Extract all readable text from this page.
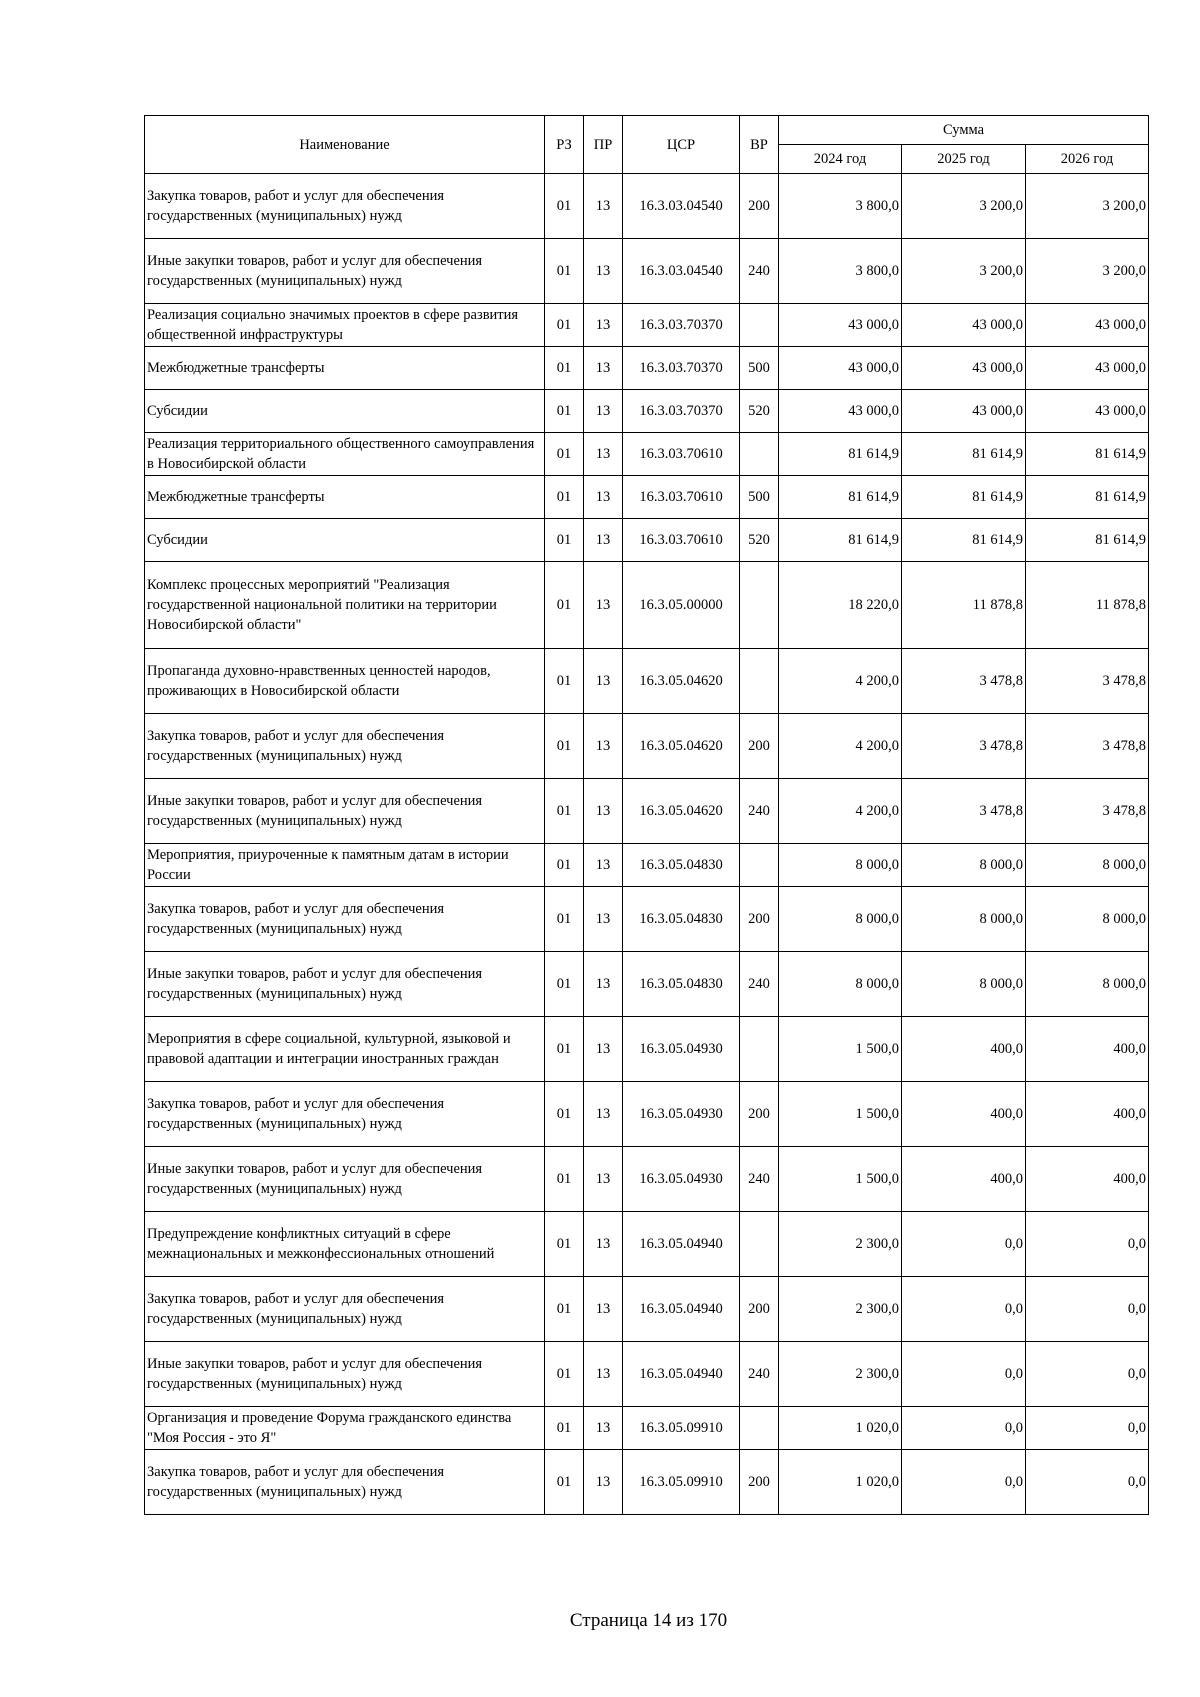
Наименование	РЗ	ПР	ЦСР	ВР	Сумма		
					2024 год	2025 год	2026 год
Закупка товаров, работ и услуг для обеспечения государственных (муниципальных) нужд	01	13	16.3.03.04540	200	3 800,0	3 200,0	3 200,0
Иные закупки товаров, работ и услуг для обеспечения государственных (муниципальных) нужд	01	13	16.3.03.04540	240	3 800,0	3 200,0	3 200,0
Реализация социально значимых проектов в сфере развития общественной инфраструктуры	01	13	16.3.03.70370		43 000,0	43 000,0	43 000,0
Межбюджетные трансферты	01	13	16.3.03.70370	500	43 000,0	43 000,0	43 000,0
Субсидии	01	13	16.3.03.70370	520	43 000,0	43 000,0	43 000,0
Реализация территориального общественного самоуправления в Новосибирской области	01	13	16.3.03.70610		81 614,9	81 614,9	81 614,9
Межбюджетные трансферты	01	13	16.3.03.70610	500	81 614,9	81 614,9	81 614,9
Субсидии	01	13	16.3.03.70610	520	81 614,9	81 614,9	81 614,9
Комплекс процессных мероприятий "Реализация государственной национальной политики на территории Новосибирской области"	01	13	16.3.05.00000		18 220,0	11 878,8	11 878,8
Пропаганда духовно-нравственных ценностей народов, проживающих в Новосибирской области	01	13	16.3.05.04620		4 200,0	3 478,8	3 478,8
Закупка товаров, работ и услуг для обеспечения государственных (муниципальных) нужд	01	13	16.3.05.04620	200	4 200,0	3 478,8	3 478,8
Иные закупки товаров, работ и услуг для обеспечения государственных (муниципальных) нужд	01	13	16.3.05.04620	240	4 200,0	3 478,8	3 478,8
Мероприятия, приуроченные к памятным датам в истории России	01	13	16.3.05.04830		8 000,0	8 000,0	8 000,0
Закупка товаров, работ и услуг для обеспечения государственных (муниципальных) нужд	01	13	16.3.05.04830	200	8 000,0	8 000,0	8 000,0
Иные закупки товаров, работ и услуг для обеспечения государственных (муниципальных) нужд	01	13	16.3.05.04830	240	8 000,0	8 000,0	8 000,0
Мероприятия в сфере социальной, культурной, языковой и правовой адаптации и интеграции иностранных граждан	01	13	16.3.05.04930		1 500,0	400,0	400,0
Закупка товаров, работ и услуг для обеспечения государственных (муниципальных) нужд	01	13	16.3.05.04930	200	1 500,0	400,0	400,0
Иные закупки товаров, работ и услуг для обеспечения государственных (муниципальных) нужд	01	13	16.3.05.04930	240	1 500,0	400,0	400,0
Предупреждение конфликтных ситуаций в сфере межнациональных и межконфессиональных отношений	01	13	16.3.05.04940		2 300,0	0,0	0,0
Закупка товаров, работ и услуг для обеспечения государственных (муниципальных) нужд	01	13	16.3.05.04940	200	2 300,0	0,0	0,0
Иные закупки товаров, работ и услуг для обеспечения государственных (муниципальных) нужд	01	13	16.3.05.04940	240	2 300,0	0,0	0,0
Организация и проведение Форума гражданского единства "Моя Россия - это Я"	01	13	16.3.05.09910		1 020,0	0,0	0,0
Закупка товаров, работ и услуг для обеспечения государственных (муниципальных) нужд	01	13	16.3.05.09910	200	1 020,0	0,0	0,0
Страница 14 из 170
